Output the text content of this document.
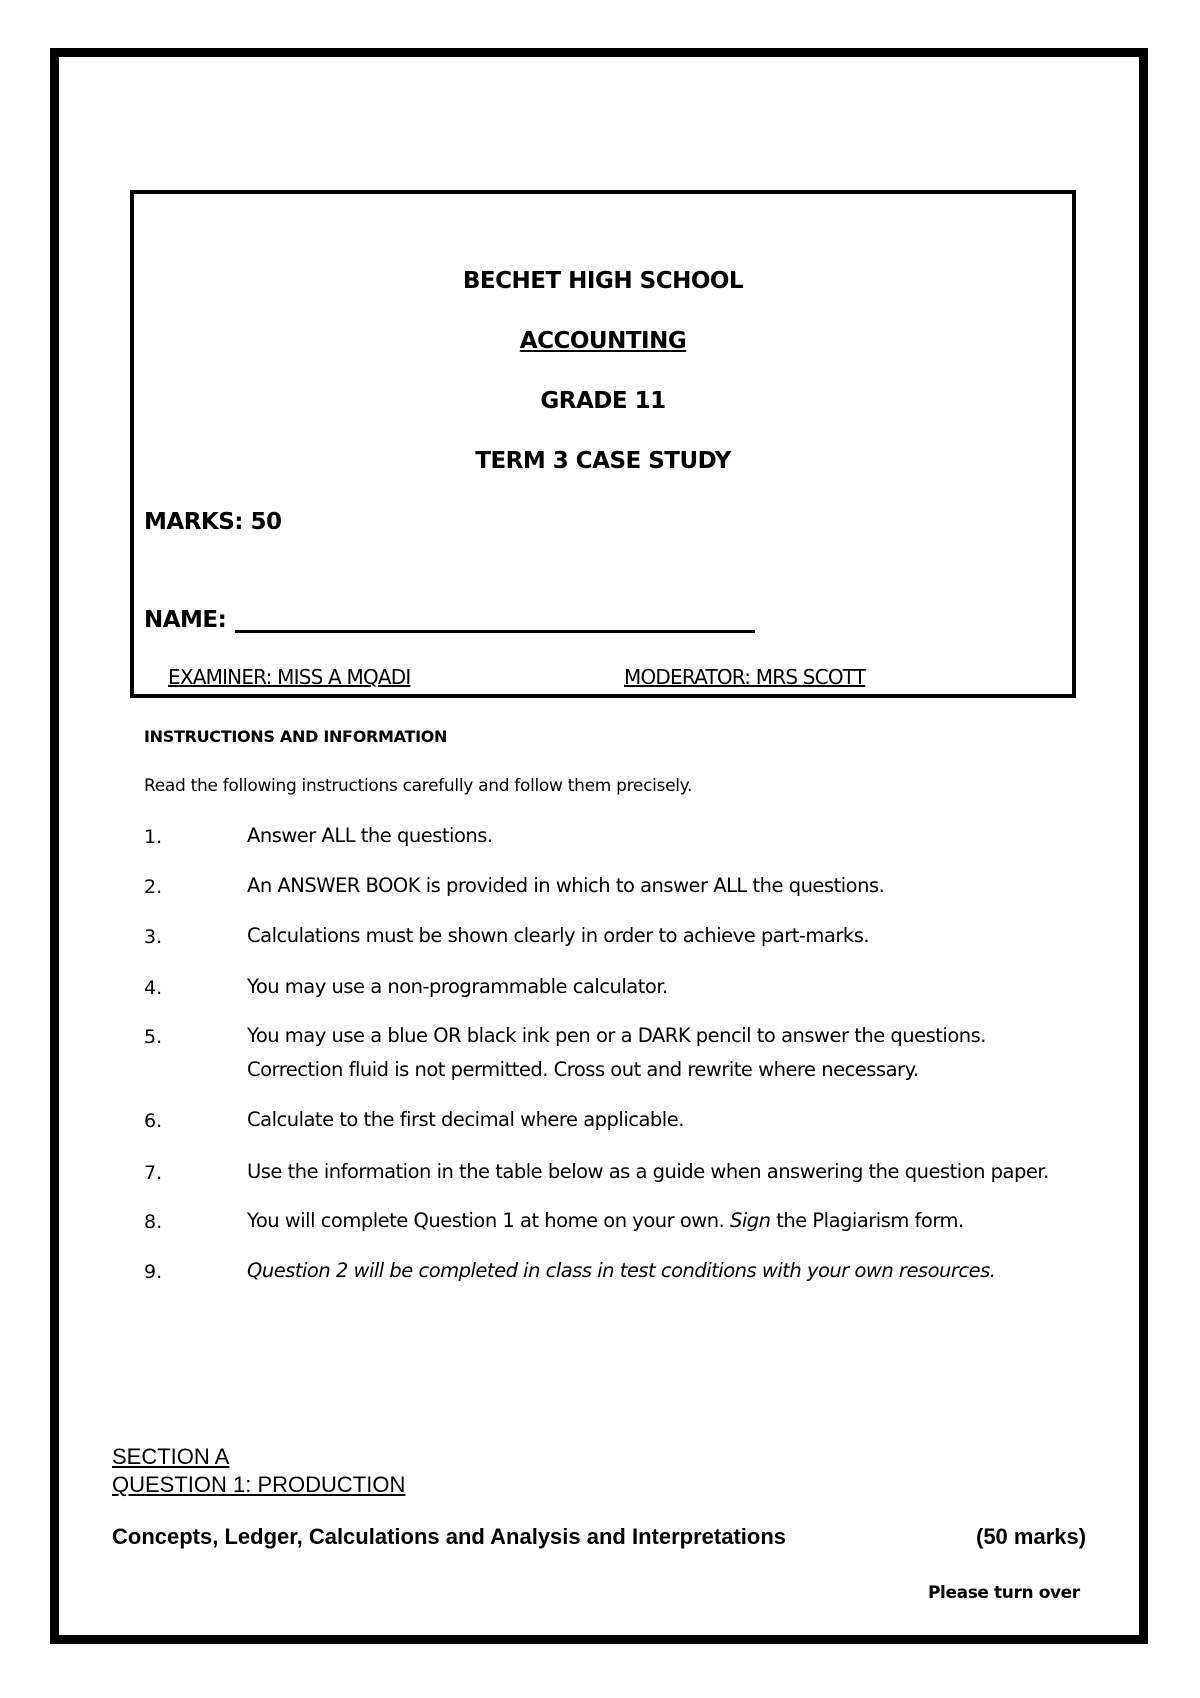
BECHET HIGH SCHOOL
ACCOUNTING
GRADE 11
TERM 3 CASE STUDY
MARKS: 50
NAME:
EXAMINER: MISS A MQADI	MODERATOR: MRS SCOTT
INSTRUCTIONS AND INFORMATION
Read the following instructions carefully and follow them precisely.
1.	Answer ALL the questions.
2.	An ANSWER BOOK is provided in which to answer ALL the questions.
3.	Calculations must be shown clearly in order to achieve part-marks.
4.	You may use a non-programmable calculator.
5.	You may use a blue OR black ink pen or a DARK pencil to answer the questions.
Correction fluid is not permitted. Cross out and rewrite where necessary.
6.	Calculate to the first decimal where applicable.
7.	Use the information in the table below as a guide when answering the question paper.
8.	You will complete Question 1 at home on your own. Sign the Plagiarism form.
9.	Question 2 will be completed in class in test conditions with your own resources.
SECTION A
QUESTION 1: PRODUCTION
Concepts, Ledger, Calculations and Analysis and Interpretations	(50 marks)
Please turn over
